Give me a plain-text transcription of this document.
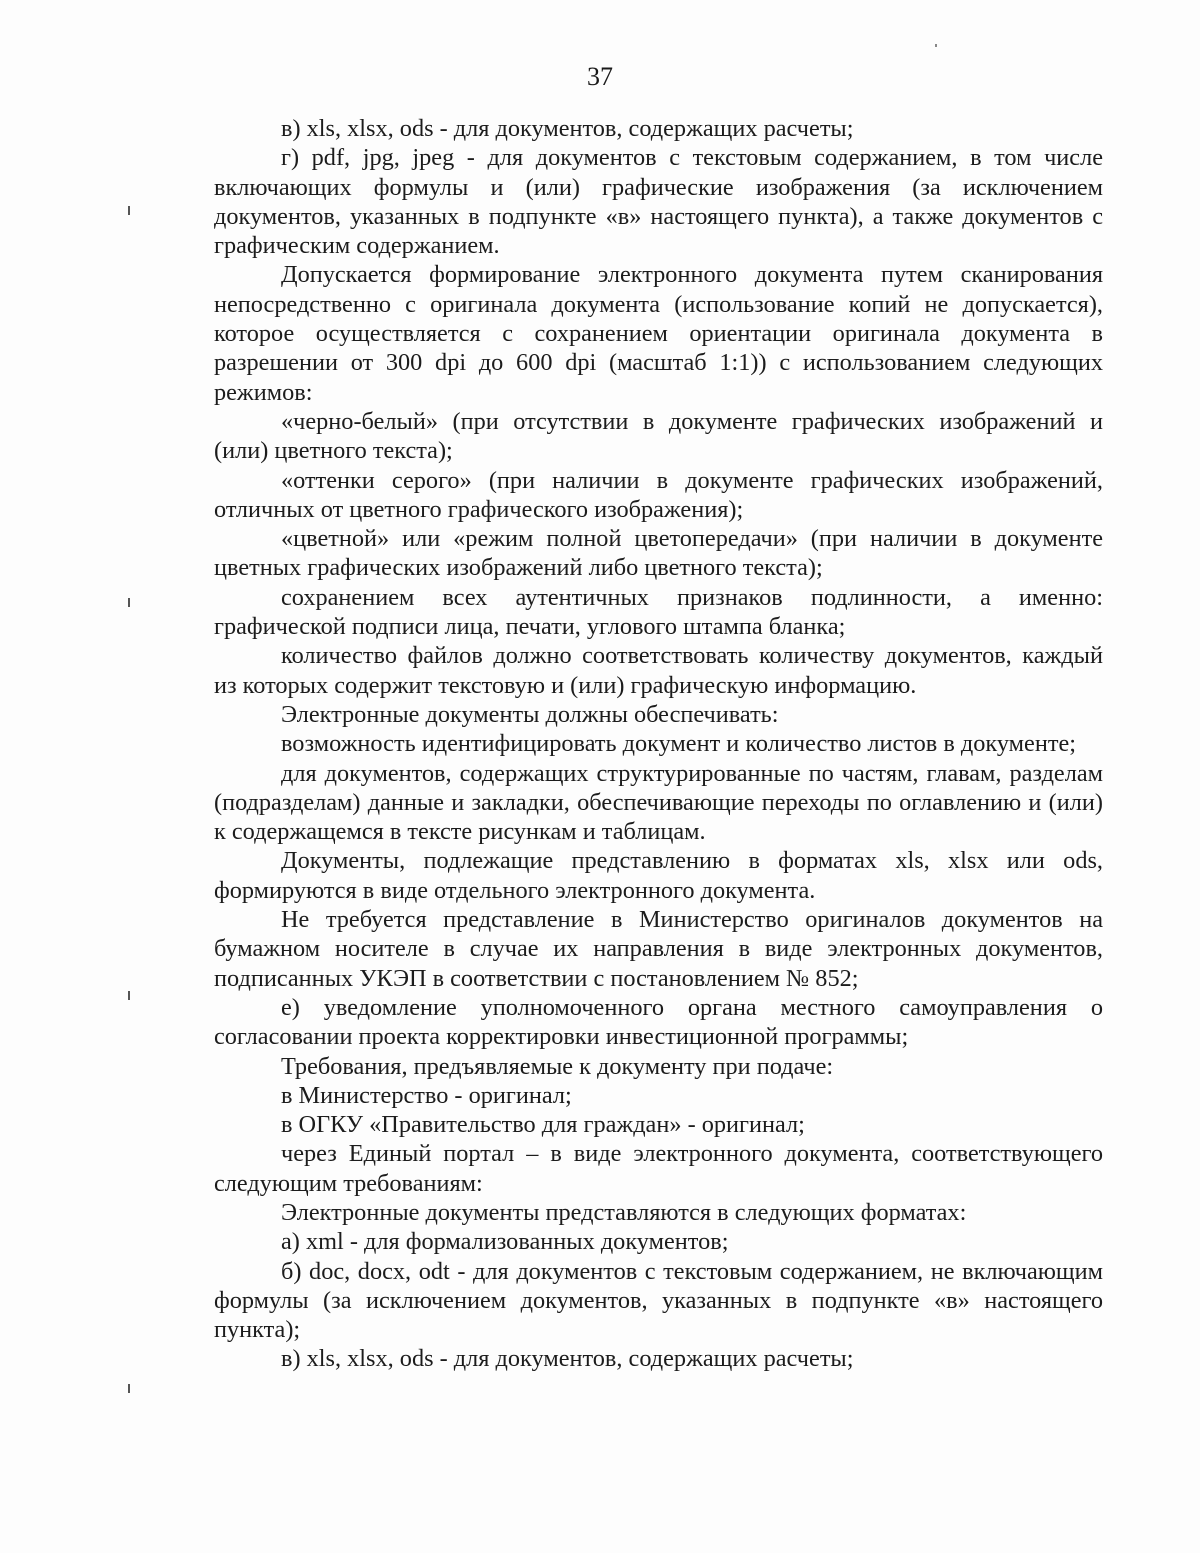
37

в) xls, xlsx, ods - для документов, содержащих расчеты;

г) pdf, jpg, jpeg - для документов с текстовым содержанием, в том числе включающих формулы и (или) графические изображения (за исключением документов, указанных в подпункте «в» настоящего пункта), а также документов с графическим содержанием.

Допускается формирование электронного документа путем сканирования непосредственно с оригинала документа (использование копий не допускается), которое осуществляется с сохранением ориентации оригинала документа в разрешении от 300 dpi до 600 dpi (масштаб 1:1)) с использованием следующих режимов:

«черно-белый» (при отсутствии в документе графических изображений и (или) цветного текста);

«оттенки серого» (при наличии в документе графических изображений, отличных от цветного графического изображения);

«цветной» или «режим полной цветопередачи» (при наличии в документе цветных графических изображений либо цветного текста);

сохранением всех аутентичных признаков подлинности, а именно: графической подписи лица, печати, углового штампа бланка;

количество файлов должно соответствовать количеству документов, каждый из которых содержит текстовую и (или) графическую информацию.

Электронные документы должны обеспечивать:

возможность идентифицировать документ и количество листов в документе;

для документов, содержащих структурированные по частям, главам, разделам (подразделам) данные и закладки, обеспечивающие переходы по оглавлению и (или) к содержащемся в тексте рисункам и таблицам.

Документы, подлежащие представлению в форматах xls, xlsx или ods, формируются в виде отдельного электронного документа.

Не требуется представление в Министерство оригиналов документов на бумажном носителе в случае их направления в виде электронных документов, подписанных УКЭП в соответствии с постановлением № 852;

е) уведомление уполномоченного органа местного самоуправления о согласовании проекта корректировки инвестиционной программы;

Требования, предъявляемые к документу при подаче:

в Министерство - оригинал;

в ОГКУ «Правительство для граждан» - оригинал;

через Единый портал – в виде электронного документа, соответствующего следующим требованиям:

Электронные документы представляются в следующих форматах:

а) xml - для формализованных документов;

б) doc, docx, odt - для документов с текстовым содержанием, не включающим формулы (за исключением документов, указанных в подпункте «в» настоящего пункта);

в) xls, xlsx, ods - для документов, содержащих расчеты;
